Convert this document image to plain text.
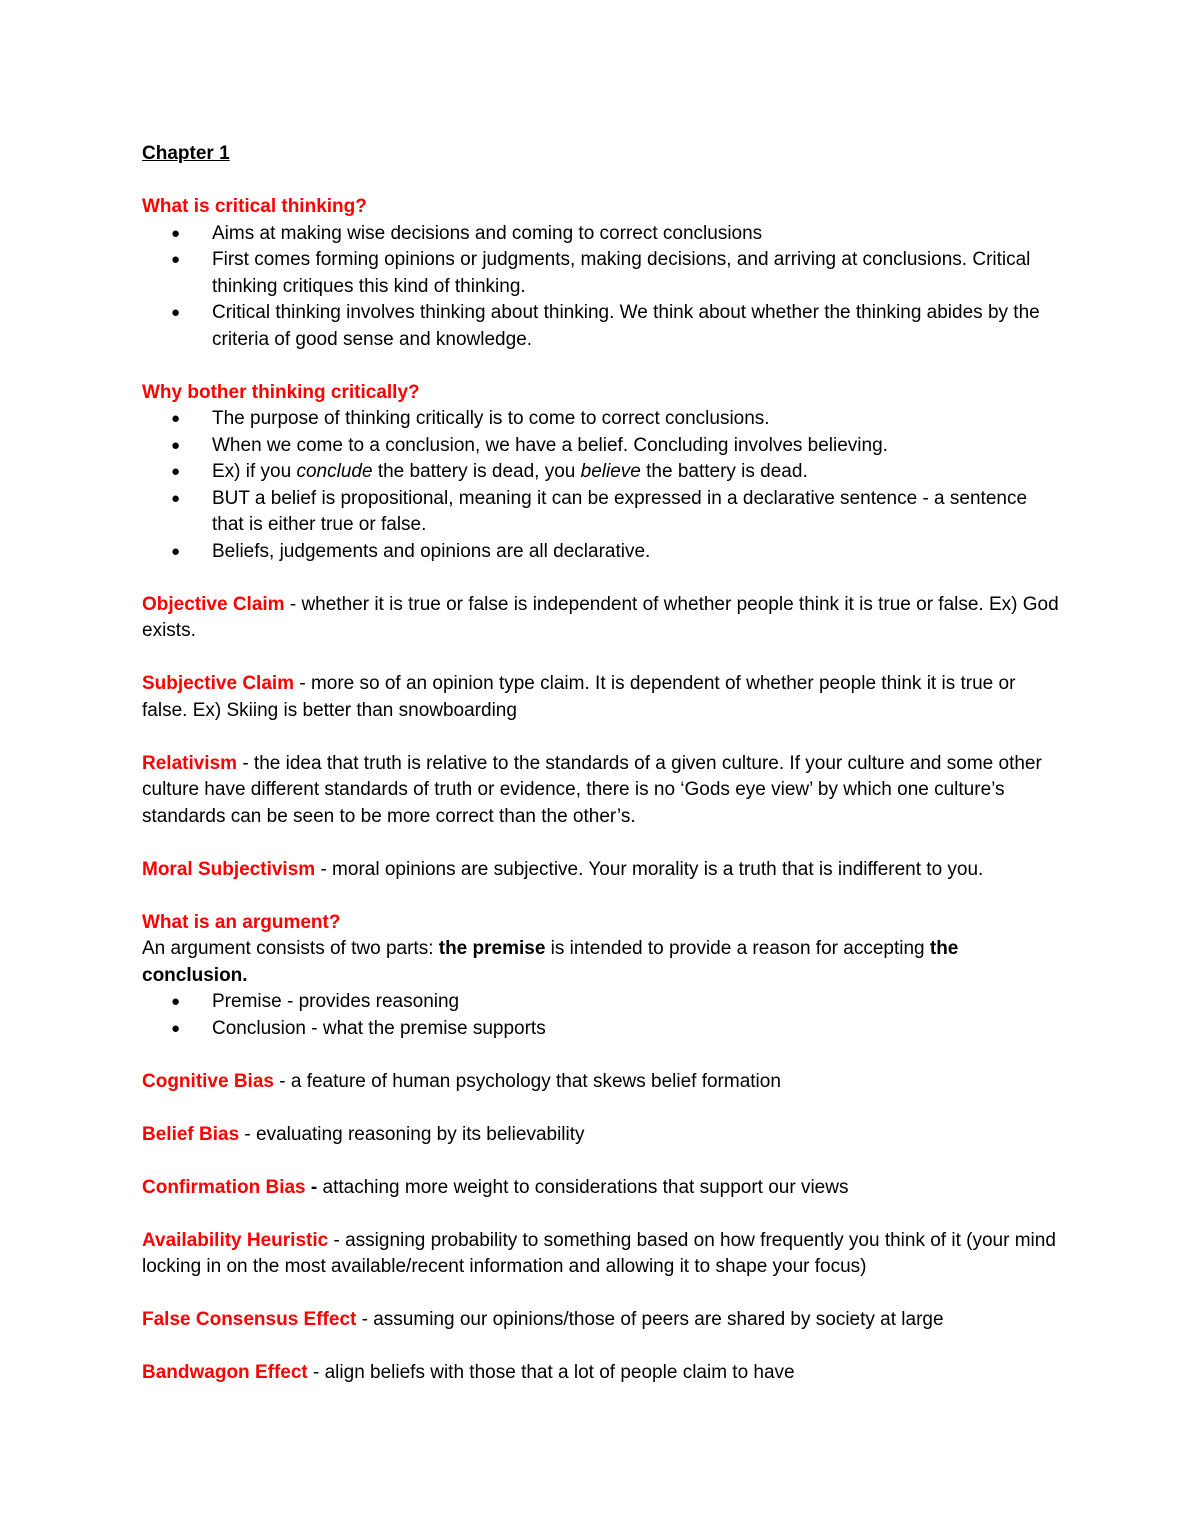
Chapter 1

What is critical thinking?

● Aims at making wise decisions and coming to correct conclusions
● First comes forming opinions or judgments, making decisions, and arriving at conclusions. Critical thinking critiques this kind of thinking.
● Critical thinking involves thinking about thinking. We think about whether the thinking abides by the criteria of good sense and knowledge.

Why bother thinking critically?

● The purpose of thinking critically is to come to correct conclusions.
● When we come to a conclusion, we have a belief. Concluding involves believing.
● Ex) if you conclude the battery is dead, you believe the battery is dead.
● BUT a belief is propositional, meaning it can be expressed in a declarative sentence - a sentence that is either true or false.
● Beliefs, judgements and opinions are all declarative.

Objective Claim - whether it is true or false is independent of whether people think it is true or false. Ex) God exists.

Subjective Claim - more so of an opinion type claim. It is dependent of whether people think it is true or false. Ex) Skiing is better than snowboarding

Relativism - the idea that truth is relative to the standards of a given culture. If your culture and some other culture have different standards of truth or evidence, there is no ‘Gods eye view’ by which one culture’s standards can be seen to be more correct than the other’s.

Moral Subjectivism - moral opinions are subjective. Your morality is a truth that is indifferent to you.

What is an argument?

An argument consists of two parts: the premise is intended to provide a reason for accepting the conclusion.

● Premise - provides reasoning
● Conclusion - what the premise supports

Cognitive Bias - a feature of human psychology that skews belief formation

Belief Bias - evaluating reasoning by its believability

Confirmation Bias - attaching more weight to considerations that support our views

Availability Heuristic - assigning probability to something based on how frequently you think of it (your mind locking in on the most available/recent information and allowing it to shape your focus)

False Consensus Effect - assuming our opinions/those of peers are shared by society at large

Bandwagon Effect - align beliefs with those that a lot of people claim to have
